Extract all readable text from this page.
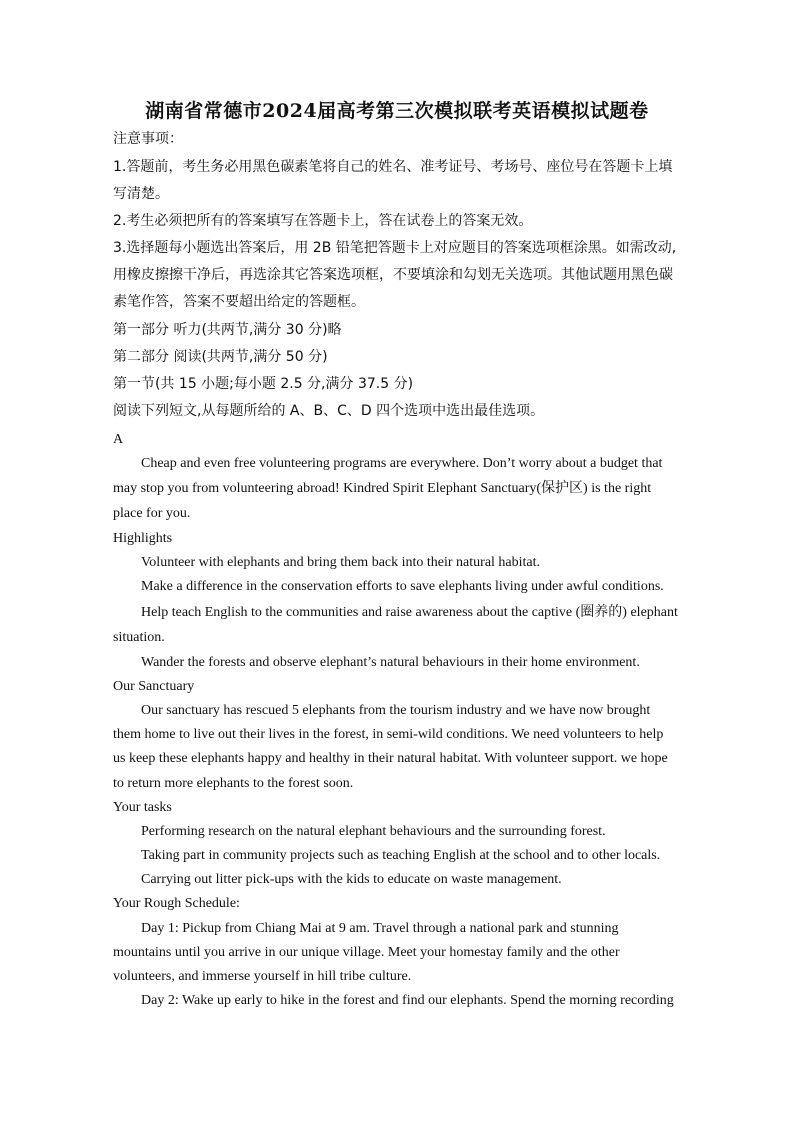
湖南省常德市2024届高考第三次模拟联考英语模拟试题卷
注意事项：
1.答题前，考生务必用黑色碳素笔将自己的姓名、准考证号、考场号、座位号在答题卡上填
写清楚。
2.考生必须把所有的答案填写在答题卡上，答在试卷上的答案无效。
3.选择题每小题选出答案后，用 2B 铅笔把答题卡上对应题目的答案选项框涂黑。如需改动,
用橡皮擦擦干净后，再选涂其它答案选项框，不要填涂和勾划无关选项。其他试题用黑色碳
素笔作答，答案不要超出给定的答题框。
第一部分 听力(共两节,满分 30 分)略
第二部分 阅读(共两节,满分 50 分)
第一节(共 15 小题;每小题 2.5 分,满分 37.5 分)
阅读下列短文,从每题所给的 A、B、C、D 四个选项中选出最佳选项。
A
Cheap and even free volunteering programs are everywhere. Don’t worry about a budget that
may stop you from volunteering abroad! Kindred Spirit Elephant Sanctuary(保护区) is the right
place for you.
Highlights
Volunteer with elephants and bring them back into their natural habitat.
Make a difference in the conservation efforts to save elephants living under awful conditions.
Help teach English to the communities and raise awareness about the captive (圈养的) elephant
situation.
Wander the forests and observe elephant’s natural behaviours in their home environment.
Our Sanctuary
Our sanctuary has rescued 5 elephants from the tourism industry and we have now brought
them home to live out their lives in the forest, in semi-wild conditions. We need volunteers to help
us keep these elephants happy and healthy in their natural habitat. With volunteer support. we hope
to return more elephants to the forest soon.
Your tasks
Performing research on the natural elephant behaviours and the surrounding forest.
Taking part in community projects such as teaching English at the school and to other locals.
Carrying out litter pick-ups with the kids to educate on waste management.
Your Rough Schedule:
Day 1: Pickup from Chiang Mai at 9 am. Travel through a national park and stunning
mountains until you arrive in our unique village. Meet your homestay family and the other
volunteers, and immerse yourself in hill tribe culture.
Day 2: Wake up early to hike in the forest and find our elephants. Spend the morning recording
